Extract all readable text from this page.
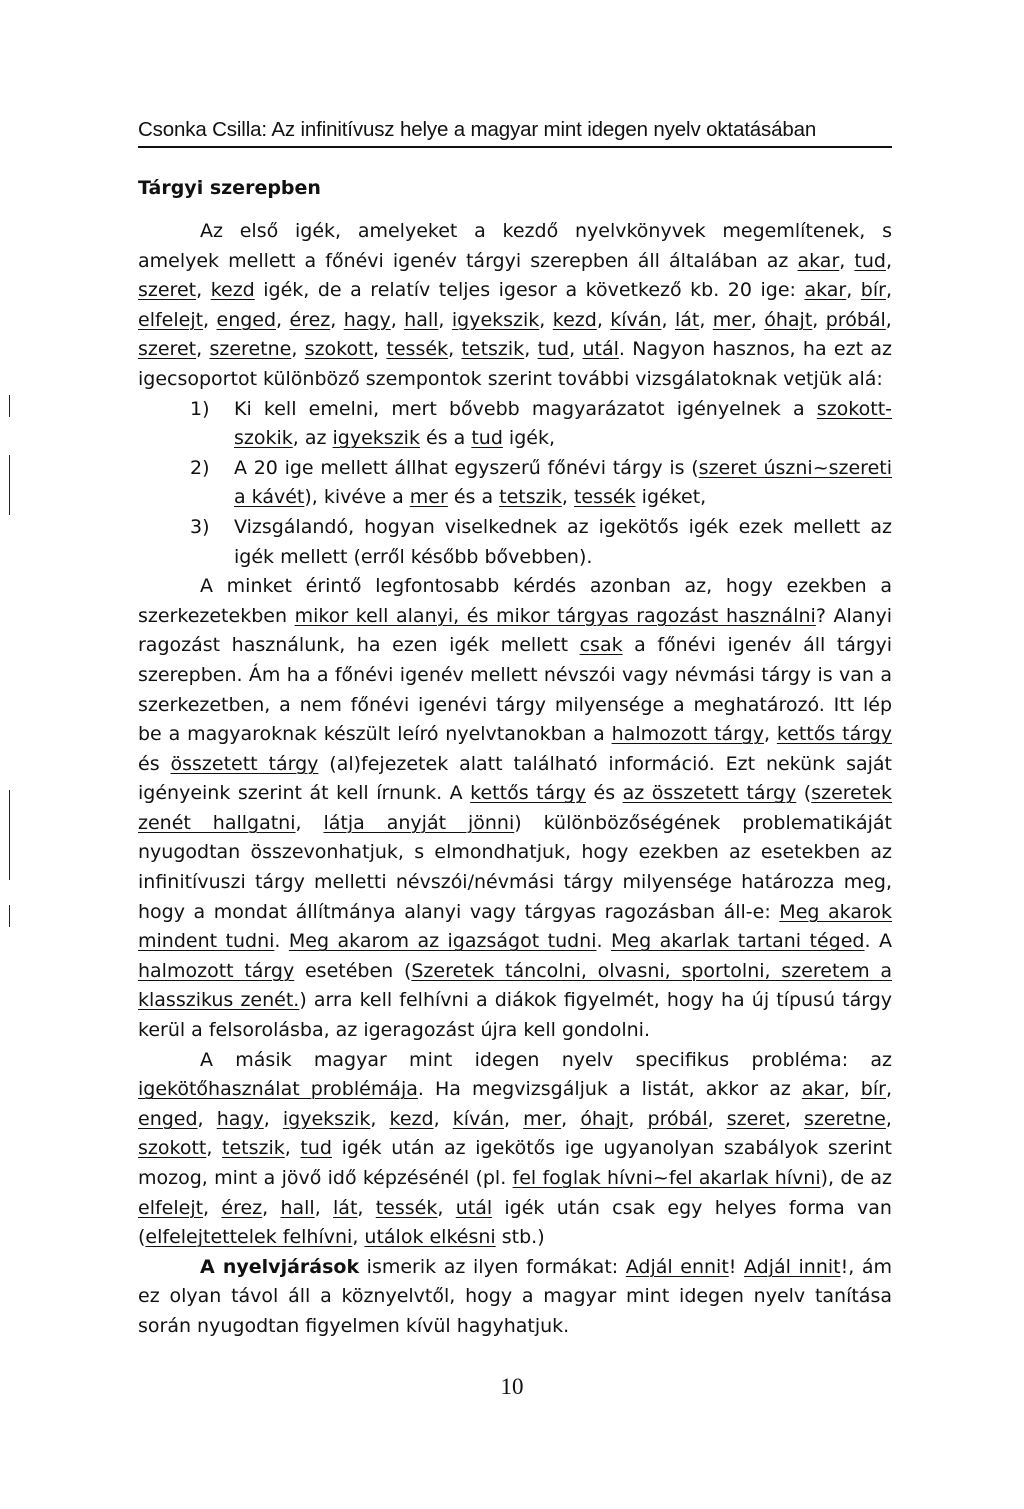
Csonka Csilla: Az infinitívusz helye a magyar mint idegen nyelv oktatásában
Tárgyi szerepben

Az első igék, amelyeket a kezdő nyelvkönyvek megemlítenek, s amelyek mellett a főnévi igenév tárgyi szerepben áll általában az akar, tud, szeret, kezd igék, de a relatív teljes igesor a következő kb. 20 ige: akar, bír, elfelejt, enged, érez, hagy, hall, igyekszik, kezd, kíván, lát, mer, óhajt, próbál, szeret, szeretne, szokott, tessék, tetszik, tud, utál. Nagyon hasznos, ha ezt az igecsoportot különböző szempontok szerint további vizsgálatoknak vetjük alá:

1) Ki kell emelni, mert bővebb magyarázatot igényelnek a szokott-szokik, az igyekszik és a tud igék,
2) A 20 ige mellett állhat egyszerű főnévi tárgy is (szeret úszni~szereti a kávét), kivéve a mer és a tetszik, tessék igéket,
3) Vizsgálandó, hogyan viselkednek az igekötős igék ezek mellett az igék mellett (erről később bővebben).

A minket érintő legfontosabb kérdés azonban az, hogy ezekben a szerkezetekben mikor kell alanyi, és mikor tárgyas ragozást használni? Alanyi ragozást használunk, ha ezen igék mellett csak a főnévi igenév áll tárgyi szerepben. Ám ha a főnévi igenév mellett névszói vagy névmási tárgy is van a szerkezetben, a nem főnévi igenévi tárgy milyensége a meghatározó. Itt lép be a magyaroknak készült leíró nyelvtanokban a halmozott tárgy, kettős tárgy és összetett tárgy (al)fejezetek alatt található információ. Ezt nekünk saját igényeink szerint át kell írnunk. A kettős tárgy és az összetett tárgy (szeretek zenét hallgatni, látja anyját jönni) különbözőségének problematikáját nyugodtan összevonhatjuk, s elmondhatjuk, hogy ezekben az esetekben az infinitívuszi tárgy melletti névszói/névmási tárgy milyensége határozza meg, hogy a mondat állítmánya alanyi vagy tárgyas ragozásban áll-e: Meg akarok mindent tudni. Meg akarom az igazságot tudni. Meg akarlak tartani téged. A halmozott tárgy esetében (Szeretek táncolni, olvasni, sportolni, szeretem a klasszikus zenét.) arra kell felhívni a diákok figyelmét, hogy ha új típusú tárgy kerül a felsorolásba, az igeragozást újra kell gondolni.

A másik magyar mint idegen nyelv specifikus probléma: az igekötőhasználat problémája. Ha megvizsgáljuk a listát, akkor az akar, bír, enged, hagy, igyekszik, kezd, kíván, mer, óhajt, próbál, szeret, szeretne, szokott, tetszik, tud igék után az igekötős ige ugyanolyan szabályok szerint mozog, mint a jövő idő képzésénél (pl. fel foglak hívni~fel akarlak hívni), de az elfelejt, érez, hall, lát, tessék, utál igék után csak egy helyes forma van (elfelejtettelek felhívni, utálok elkésni stb.)

A nyelvjárások ismerik az ilyen formákat: Adjál ennit! Adjál innit!, ám ez olyan távol áll a köznyelvtől, hogy a magyar mint idegen nyelv tanítása során nyugodtan figyelmen kívül hagyhatjuk.

10
